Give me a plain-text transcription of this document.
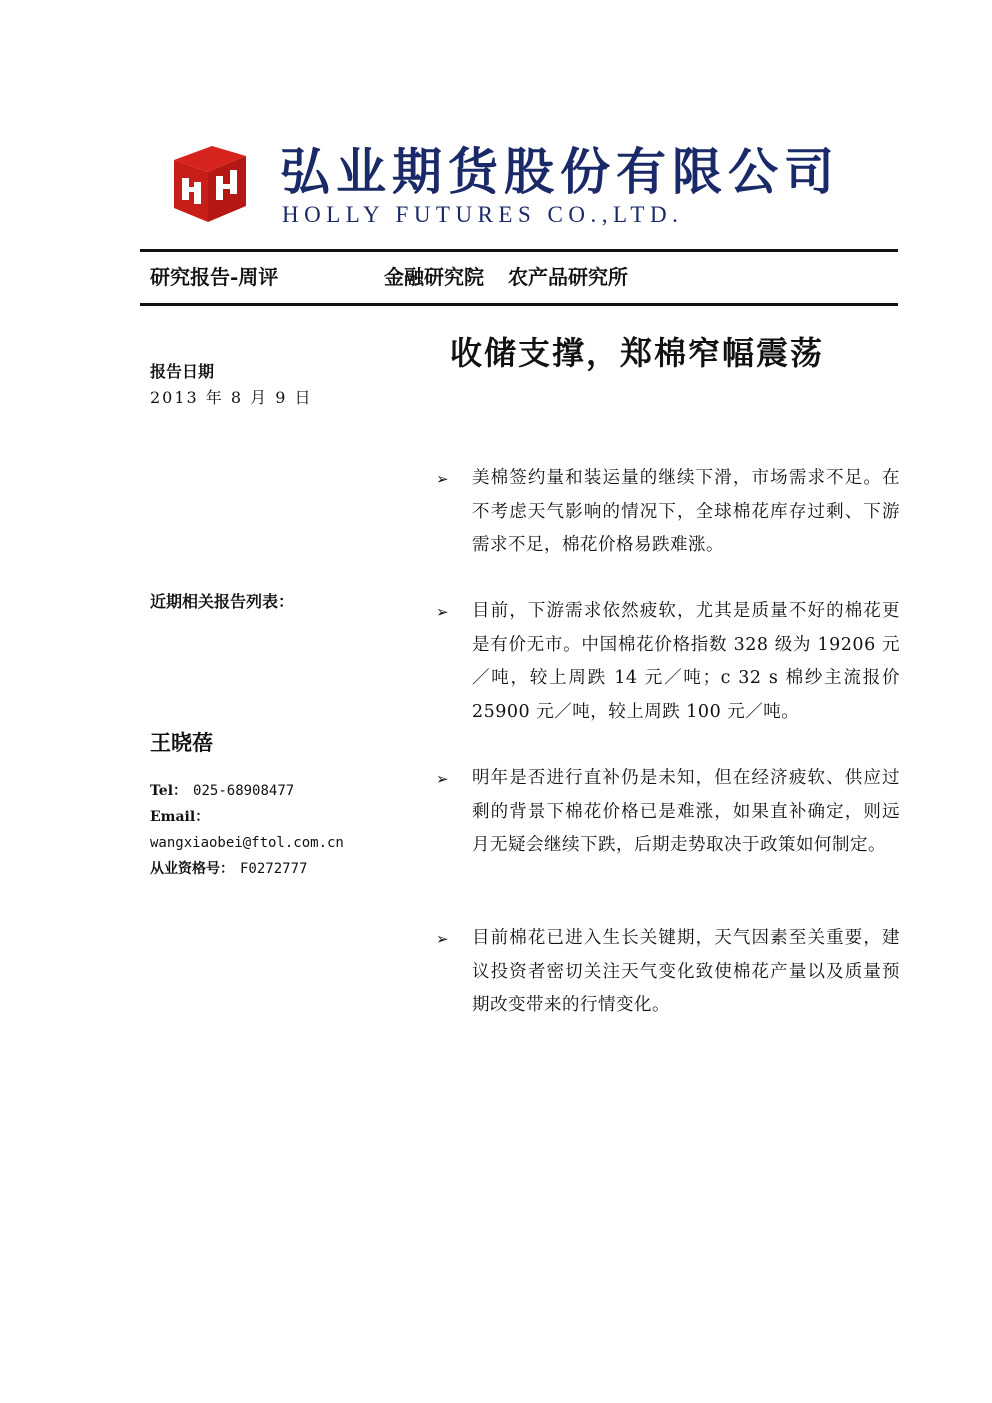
弘业期货股份有限公司
HOLLY FUTURES CO.,LTD.
研究报告-周评	金融研究院 农产品研究所
收储支撑，郑棉窄幅震荡
报告日期
2013 年 8 月 9 日
近期相关报告列表：
王晓蓓
Tel： 025-68908477
Email：
wangxiaobei@ftol.com.cn
从业资格号： F0272777
➢ 美棉签约量和装运量的继续下滑，市场需求不足。在不考虑天气影响的情况下，全球棉花库存过剩、下游需求不足，棉花价格易跌难涨。
➢ 目前，下游需求依然疲软，尤其是质量不好的棉花更是有价无市。中国棉花价格指数 328 级为 19206 元／吨，较上周跌 14 元／吨；c 32 s 棉纱主流报价 25900 元／吨，较上周跌 100 元／吨。
➢ 明年是否进行直补仍是未知，但在经济疲软、供应过剩的背景下棉花价格已是难涨，如果直补确定，则远月无疑会继续下跌，后期走势取决于政策如何制定。
➢ 目前棉花已进入生长关键期，天气因素至关重要，建议投资者密切关注天气变化致使棉花产量以及质量预期改变带来的行情变化。
